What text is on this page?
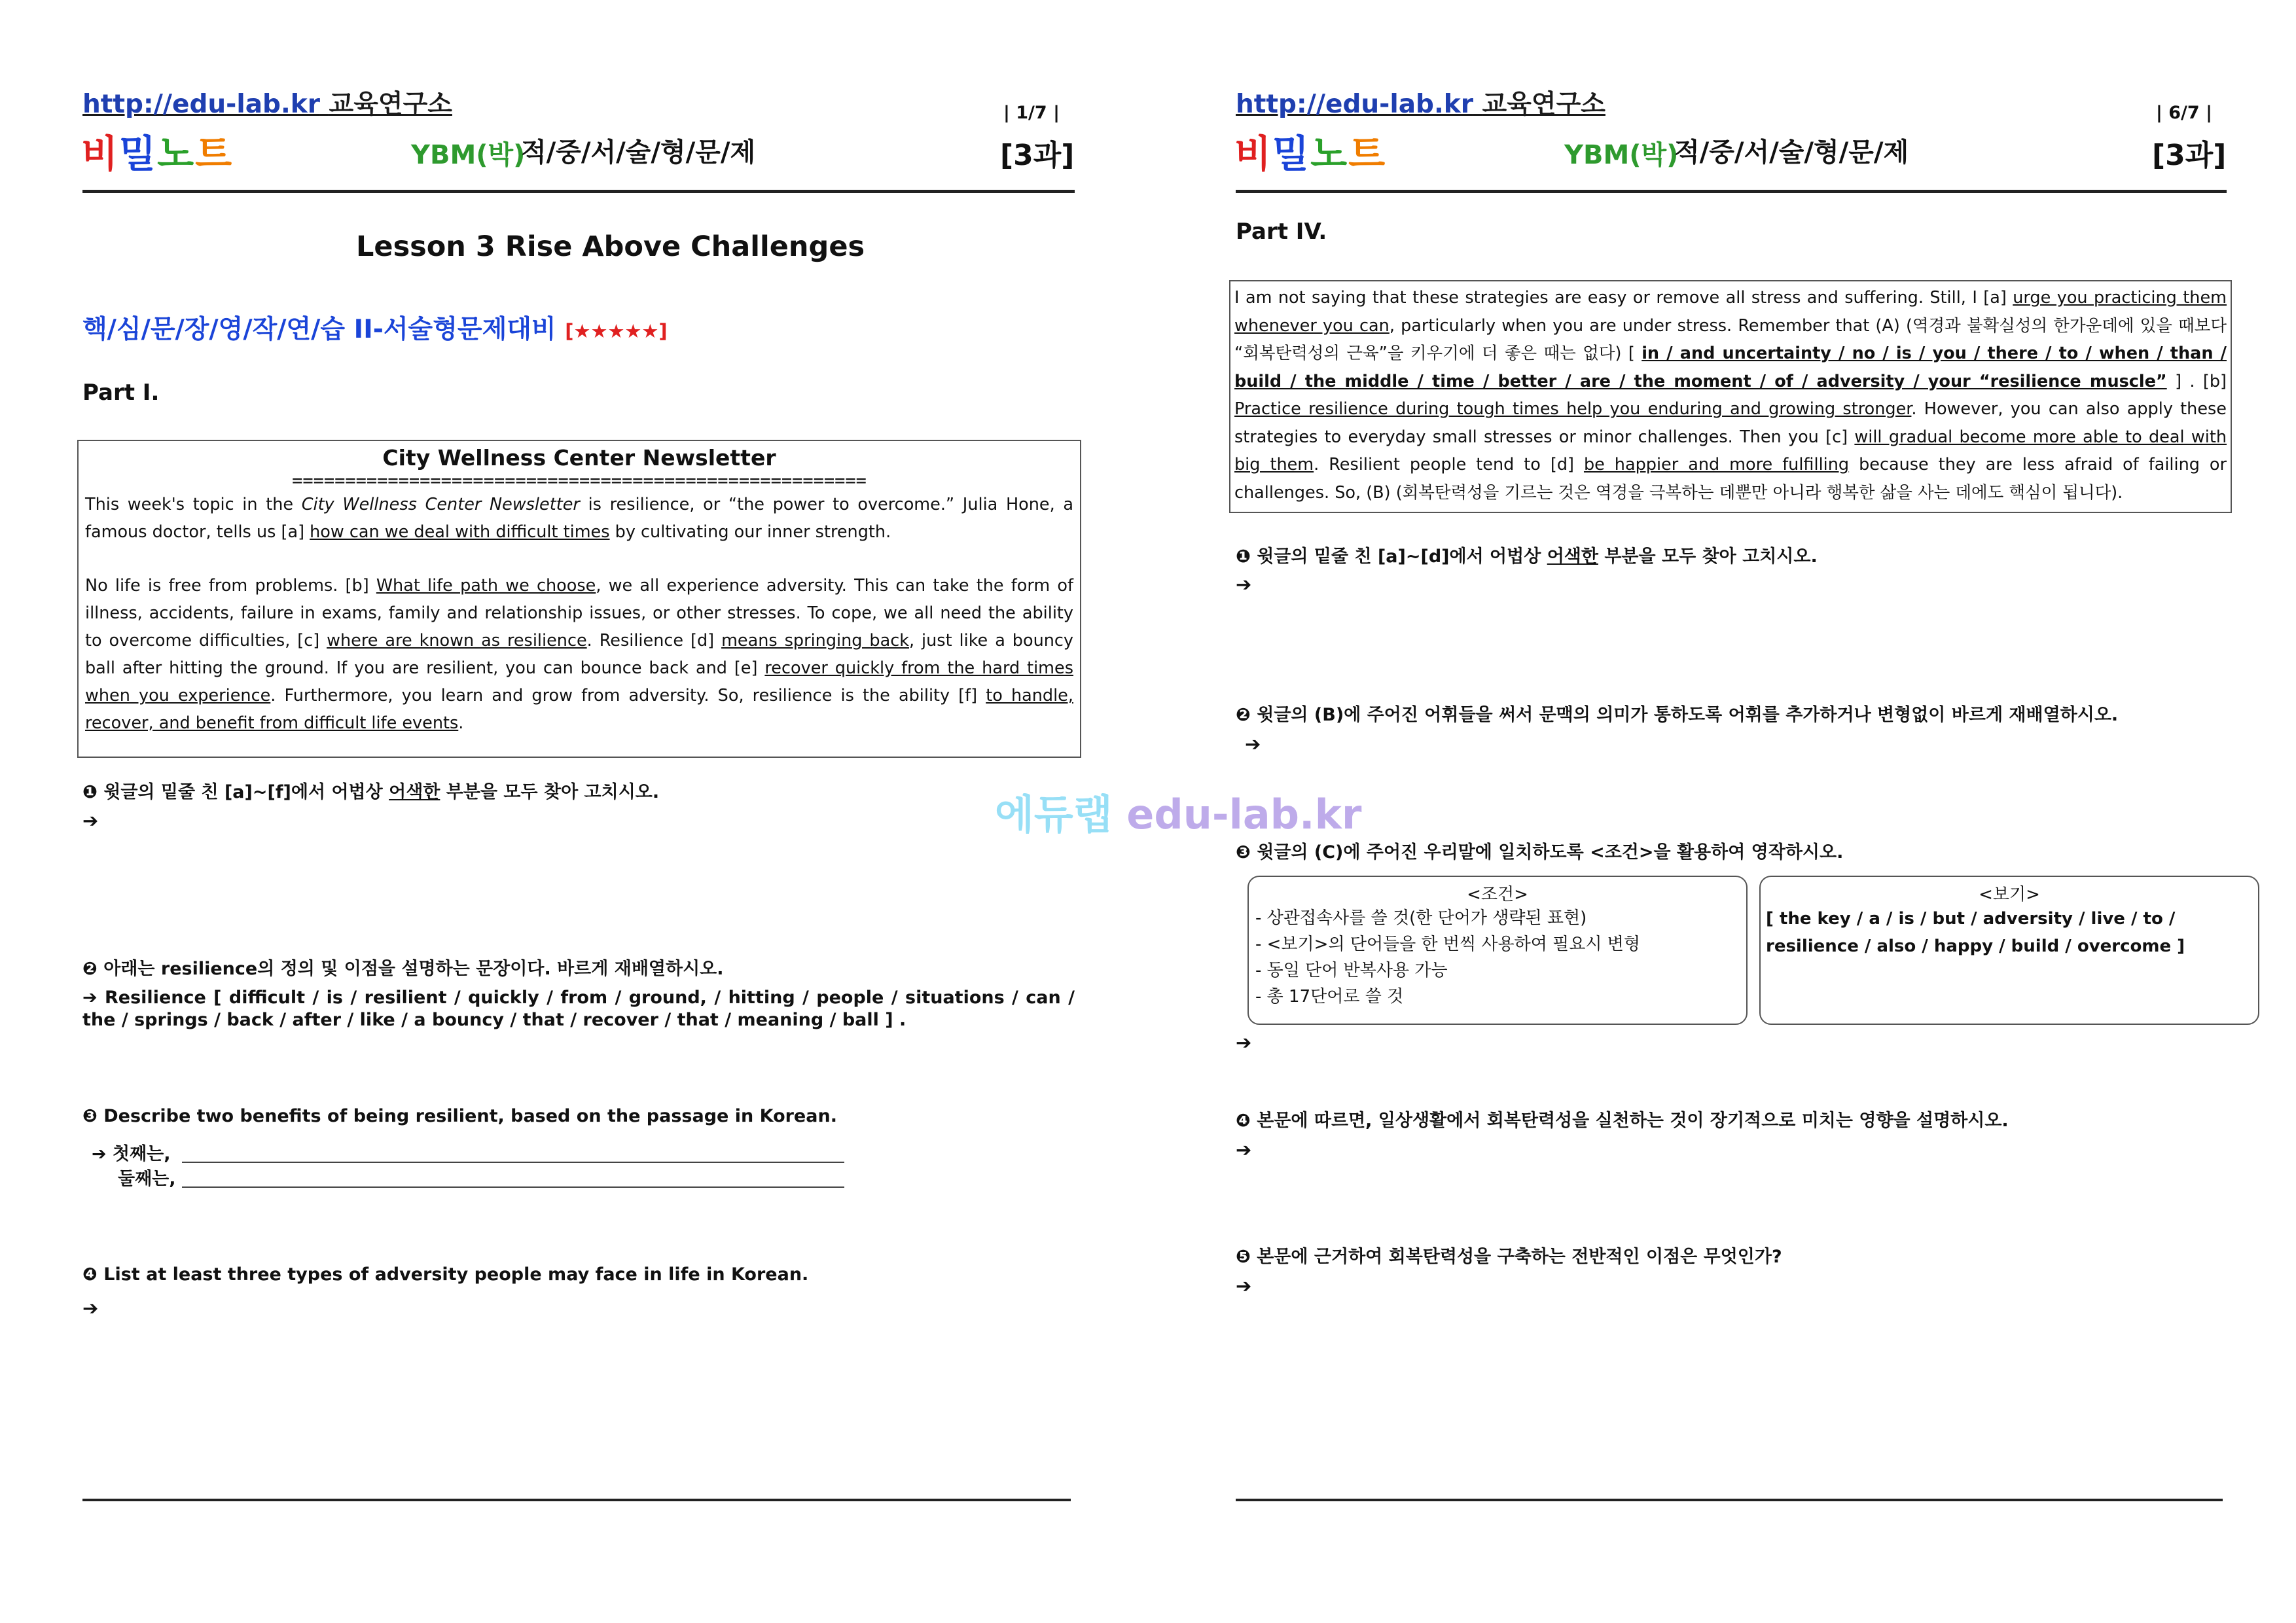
http://edu-lab.kr 교육연구소	| 1/7 |
비밀노트	YBM(박)
적/중/서/술/형/문/제	[3과]
Lesson 3 Rise Above Challenges
핵/심/문/장/영/작/연/습 II-서술형문제대비 [★★★★★]
Part I.
City Wellness Center Newsletter
======================================================

This week's topic in the City Wellness Center Newsletter is resilience, or “the power to overcome.” Julia Hone, a famous doctor, tells us [a] how can we deal with difficult times by cultivating our inner strength.

No life is free from problems. [b] What life path we choose, we all experience adversity. This can take the form of illness, accidents, failure in exams, family and relationship issues, or other stresses. To cope, we all need the ability to overcome difficulties, [c] where are known as resilience. Resilience [d] means springing back, just like a bouncy ball after hitting the ground. If you are resilient, you can bounce back and [e] recover quickly from the hard times when you experience. Furthermore, you learn and grow from adversity. So, resilience is the ability [f] to handle, recover, and benefit from difficult life events.

❶ 윗글의 밑줄 친 [a]~[f]에서 어법상 어색한 부분을 모두 찾아 고치시오.
➔
❷ 아래는 resilience의 정의 및 이점을 설명하는 문장이다. 바르게 재배열하시오.
➔ Resilience [ difficult / is / resilient / quickly / from / ground, / hitting / people / situations / can / the / springs / back / after / like / a bouncy / that / recover / that / meaning / ball ] .
❸ Describe two benefits of being resilient, based on the passage in Korean.
➔ 첫째는,
둘째는,
❹ List at least three types of adversity people may face in life in Korean.
➔
http://edu-lab.kr 교육연구소	| 6/7 |
비밀노트	YBM(박)
적/중/서/술/형/문/제	[3과]
Part IV.
I am not saying that these strategies are easy or remove all stress and suffering. Still, I [a] urge you practicing them whenever you can, particularly when you are under stress. Remember that (A) (역경과 불확실성의 한가운데에 있을 때보다 “회복탄력성의 근육”을 키우기에 더 좋은 때는 없다) [ in / and uncertainty / no / is / you / there / to / when / than / build / the middle / time / better / are / the moment / of / adversity / your “resilience muscle” ] . [b] Practice resilience during tough times help you enduring and growing stronger. However, you can also apply these strategies to everyday small stresses or minor challenges. Then you [c] will gradual become more able to deal with big them. Resilient people tend to [d] be happier and more fulfilling because they are less afraid of failing or challenges. So, (B) (회복탄력성을 기르는 것은 역경을 극복하는 데뿐만 아니라 행복한 삶을 사는 데에도 핵심이 됩니다).
❶ 윗글의 밑줄 친 [a]~[d]에서 어법상 어색한 부분을 모두 찾아 고치시오.
➔
❷ 윗글의 (B)에 주어진 어휘들을 써서 문맥의 의미가 통하도록 어휘를 추가하거나 변형없이 바르게 재배열하시오.
➔
❸ 윗글의 (C)에 주어진 우리말에 일치하도록 <조건>을 활용하여 영작하시오.
<조건>
- 상관접속사를 쓸 것(한 단어가 생략된 표현)
- <보기>의 단어들을 한 번씩 사용하여 필요시 변형
- 동일 단어 반복사용 가능
- 총 17단어로 쓸 것
<보기>
[ the key / a / is / but / adversity / live / to / resilience / also / happy / build / overcome ]
➔
❹ 본문에 따르면, 일상생활에서 회복탄력성을 실천하는 것이 장기적으로 미치는 영향을 설명하시오.
➔
❺ 본문에 근거하여 회복탄력성을 구축하는 전반적인 이점은 무엇인가?
➔
에듀랩 edu-lab.kr
